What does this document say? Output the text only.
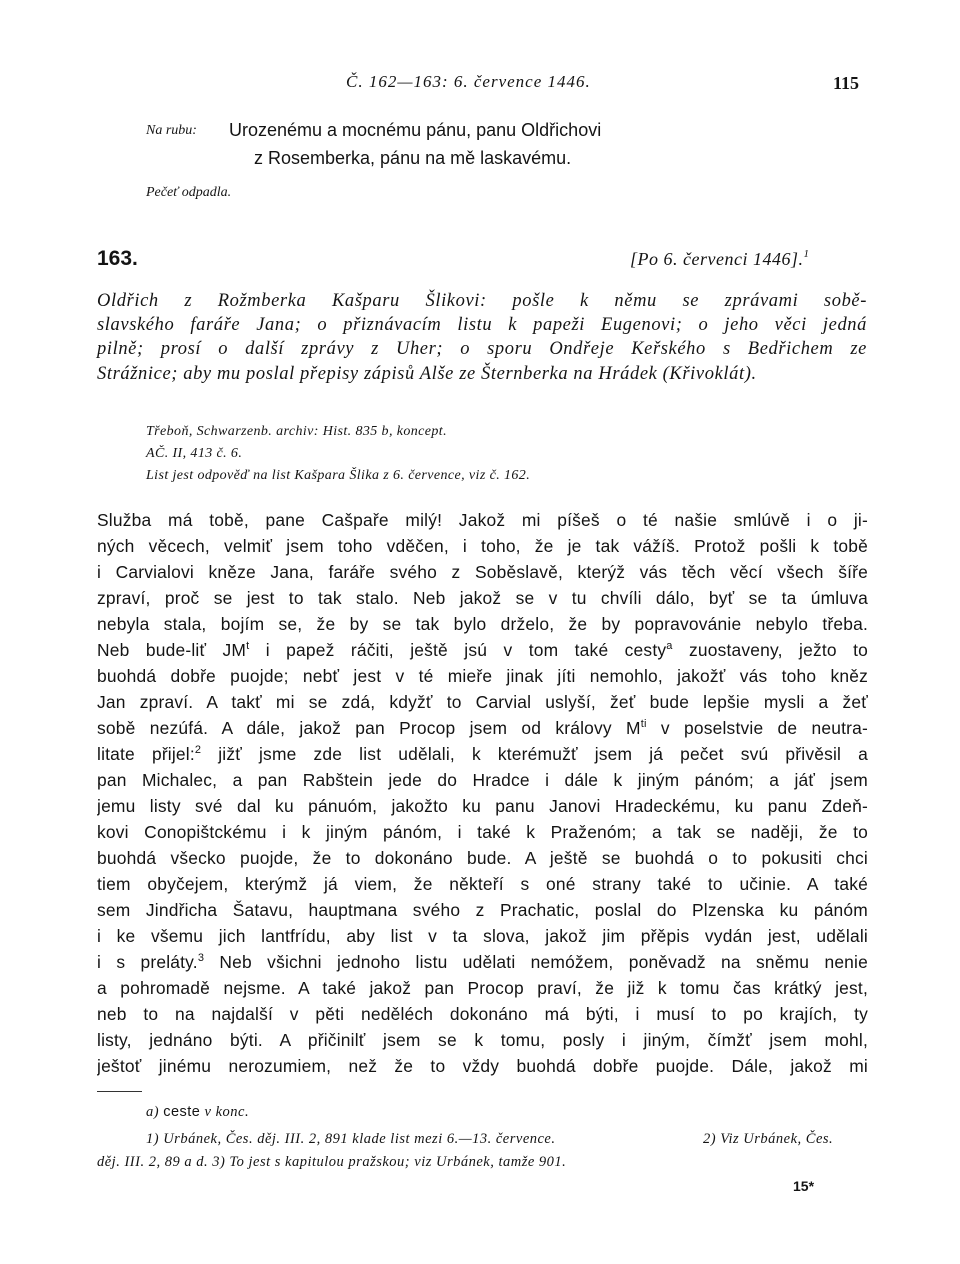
Č. 162—163: 6. července 1446.	115
Na rubu: Urozenému a mocnému pánu, panu Oldřichovi
z Rosemberka, pánu na mě laskavému.
Pečeť odpadla.
163.	[Po 6. červenci 1446].$^1$
Oldřich z Rožmberka Kašparu Šlikovi: pošle k němu se zprávami sobě-
slavského faráře Jana; o přiznávacím listu k papeži Eugenovi; o jeho věci jedná
pilně; prosí o další zprávy z Uher; o sporu Ondřeje Keřského s Bedřichem ze
Strážnice; aby mu poslal přepisy zápisů Alše ze Šternberka na Hrádek (Křivoklát).
Třeboň, Schwarzenb. archiv: Hist. 835 b, koncept.
AČ. II, 413 č. 6.
List jest odpověď na list Kašpara Šlika z 6. července, viz č. 162.
Služba má tobě, pane Cašpaře milý! Jakož mi píšeš o té našie smlúvě i o ji-
ných věcech, velmiť jsem toho vděčen, i toho, že je tak vážíš. Protož pošli k tobě
i Carvialovi kněze Jana, faráře svého z Soběslavě, kterýž vás těch věcí všech šíře
zpraví, proč se jest to tak stalo. Neb jakož se v tu chvíli dálo, byť se ta úmluva
nebyla stala, bojím se, že by se tak bylo drželo, že by popravovánie nebylo třeba.
Neb bude-liť $JM^t$ i papež ráčiti, ještě jsú v tom také cesty$^a$ zuostaveny, ježto to
buohdá dobře puojde; nebť jest v té mieře jinak jíti nemohlo, jakožť vás toho kněz
Jan zpraví. A takť mi se zdá, kdyžť to Carvial uslyší, žeť bude lepšie mysli a žeť
sobě nezúfá. A dále, jakož pan Procop jsem od královy $M^{ti}$ v poselstvie de neutra-
litate přijel:$^2$ jižť jsme zde list udělali, k kterémužť jsem já pečet svú přivěsil a
pan Michalec, a pan Rabštein jede do Hradce i dále k jiným pánóm; a jáť jsem
jemu listy své dal ku pánuóm, jakožto ku panu Janovi Hradeckému, ku panu Zdeň-
kovi Conopištckému i k jiným pánóm, i také k Praženóm; a tak se naději, že to
buohdá všecko puojde, že to dokonáno bude. A ještě se buohdá o to pokusiti chci
tiem obyčejem, kterýmž já viem, že někteří s oné strany také to učinie. A také
sem Jindřicha Šatavu, hauptmana svého z Prachatic, poslal do Plzenska ku pánóm
i ke všemu jich lantfrídu, aby list v ta slova, jakož jim přěpis vydán jest, udělali
i s preláty.$^3$ Neb všichni jednoho listu udělati nemóžem, poněvadž na sněmu nenie
a pohromadě nejsme. A také jakož pan Procop praví, že již k tomu čas krátký jest,
neb to na najdalší v pěti neděléch dokonáno má býti, i musí to po krajích, ty
listy, jednáno býti. A přičinilť jsem se k tomu, posly i jiným, čímžť jsem mohl,
ještoť jinému nerozumiem, než že to vždy buohdá dobře puojde. Dále, jakož mi
a) ceste v konc.
1) Urbánek, Čes. děj. III. 2, 891 klade list mezi 6.—13. července.	2) Viz Urbánek, Čes.
děj. III. 2, 89 a d. 3) To jest s kapitulou pražskou; viz Urbánek, tamže 901.
15*
